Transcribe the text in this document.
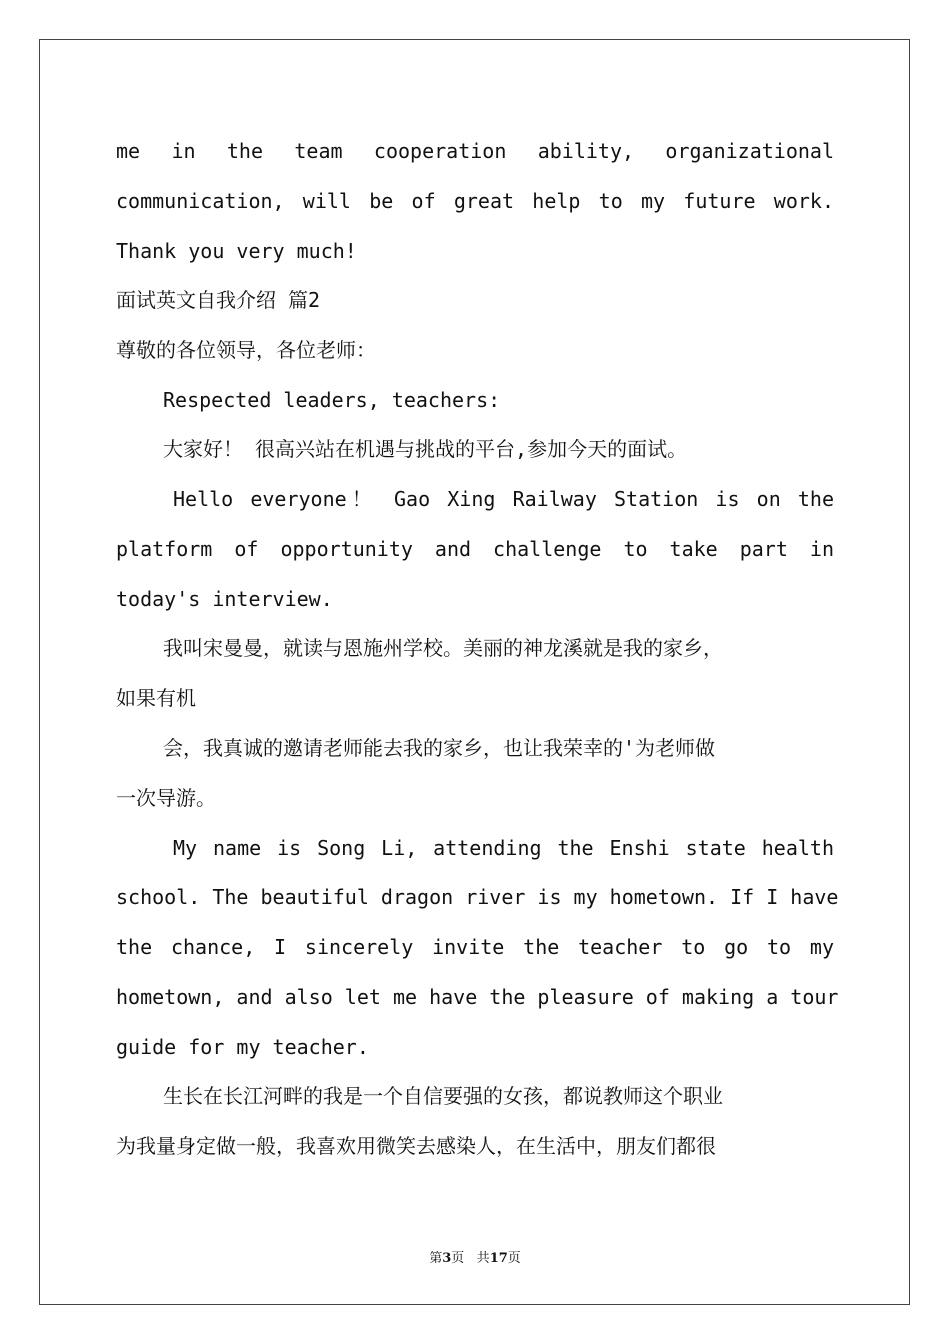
me in the team cooperation ability, organizational
communication, will be of great help to my future work.
Thank you very much!
面试英文自我介绍 篇2
尊敬的各位领导，各位老师：
Respected leaders, teachers:
大家好！ 很高兴站在机遇与挑战的平台,参加今天的面试。
Hello everyone！ Gao Xing Railway Station is on the
platform of opportunity and challenge to take part in
today's interview.
我叫宋曼曼，就读与恩施州学校。美丽的神龙溪就是我的家乡，
如果有机
会，我真诚的邀请老师能去我的家乡，也让我荣幸的'为老师做
一次导游。
My name is Song Li, attending the Enshi state health
school. The beautiful dragon river is my hometown. If I have
the chance, I sincerely invite the teacher to go to my
hometown, and also let me have the pleasure of making a tour
guide for my teacher.
生长在长江河畔的我是一个自信要强的女孩，都说教师这个职业
为我量身定做一般，我喜欢用微笑去感染人，在生活中，朋友们都很
第3页 共17页
